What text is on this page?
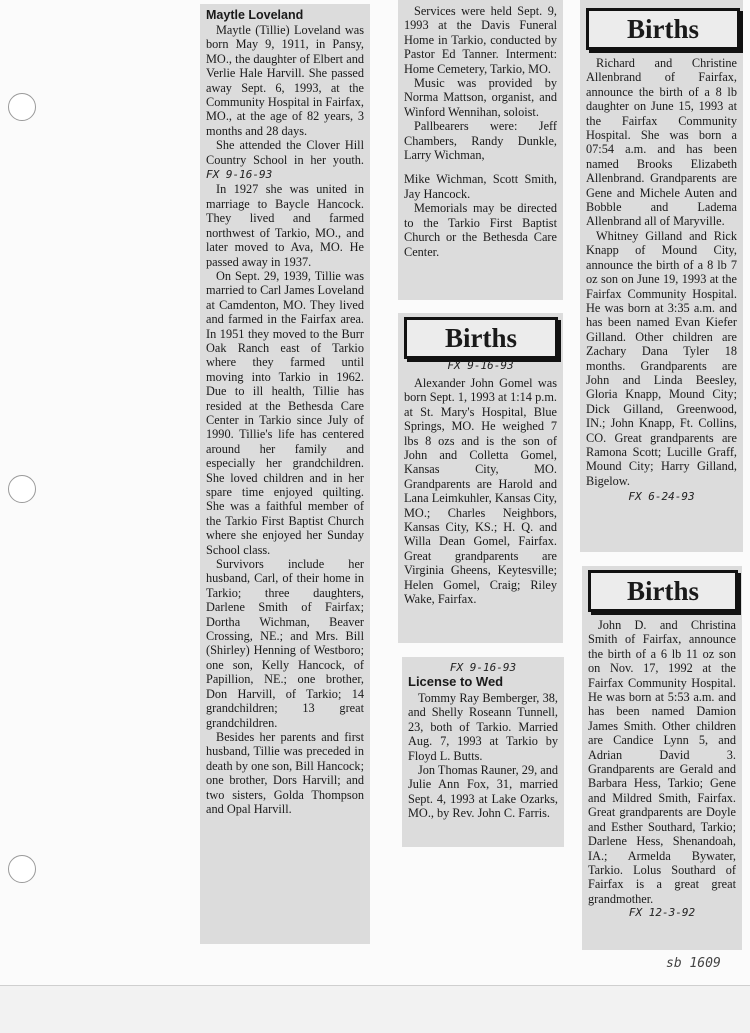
Maytle Loveland

Maytle (Tillie) Loveland was born May 9, 1911, in Pansy, MO., the daughter of Elbert and Verlie Hale Harvill. She passed away Sept. 6, 1993, at the Community Hospital in Fairfax, MO., at the age of 82 years, 3 months and 28 days.

She attended the Clover Hill Country School in her youth. FX 9-16-93

In 1927 she was united in marriage to Baycle Hancock. They lived and farmed northwest of Tarkio, MO., and later moved to Ava, MO. He passed away in 1937.

On Sept. 29, 1939, Tillie was married to Carl James Loveland at Camdenton, MO. They lived and farmed in the Fairfax area. In 1951 they moved to the Burr Oak Ranch east of Tarkio where they farmed until moving into Tarkio in 1962. Due to ill health, Tillie has resided at the Bethesda Care Center in Tarkio since July of 1990. Tillie's life has centered around her family and especially her grandchildren. She loved children and in her spare time enjoyed quilting. She was a faithful member of the Tarkio First Baptist Church where she enjoyed her Sunday School class.

Survivors include her husband, Carl, of their home in Tarkio; three daughters, Darlene Smith of Fairfax; Dortha Wichman, Beaver Crossing, NE.; and Mrs. Bill (Shirley) Henning of Westboro; one son, Kelly Hancock, of Papillion, NE.; one brother, Don Harvill, of Tarkio; 14 grandchildren; 13 great grandchildren.

Besides her parents and first husband, Tillie was preceded in death by one son, Bill Hancock; one brother, Dors Harvill; and two sisters, Golda Thompson and Opal Harvill.

Services were held Sept. 9, 1993 at the Davis Funeral Home in Tarkio, conducted by Pastor Ed Tanner. Interment: Home Cemetery, Tarkio, MO.

Music was provided by Norma Mattson, organist, and Winford Wennihan, soloist.

Pallbearers were: Jeff Chambers, Randy Dunkle, Larry Wichman,

Mike Wichman, Scott Smith, Jay Hancock.

Memorials may be directed to the Tarkio First Baptist Church or the Bethesda Care Center.

Births
FX 9-16-93

Alexander John Gomel was born Sept. 1, 1993 at 1:14 p.m. at St. Mary's Hospital, Blue Springs, MO. He weighed 7 lbs 8 ozs and is the son of John and Colletta Gomel, Kansas City, MO. Grandparents are Harold and Lana Leimkuhler, Kansas City, MO.; Charles Neighbors, Kansas City, KS.; H. Q. and Willa Dean Gomel, Fairfax. Great grandparents are Virginia Gheens, Keytesville; Helen Gomel, Craig; Riley Wake, Fairfax.

FX 9-16-93
License to Wed

Tommy Ray Bemberger, 38, and Shelly Roseann Tunnell, 23, both of Tarkio. Married Aug. 7, 1993 at Tarkio by Floyd L. Butts.

Jon Thomas Rauner, 29, and Julie Ann Fox, 31, married Sept. 4, 1993 at Lake Ozarks, MO., by Rev. John C. Farris.

Births

Richard and Christine Allenbrand of Fairfax, announce the birth of a 8 lb daughter on June 15, 1993 at the Fairfax Community Hospital. She was born a 07:54 a.m. and has been named Brooks Elizabeth Allenbrand. Grandparents are Gene and Michele Auten and Bobble and Ladema Allenbrand all of Maryville.

Whitney Gilland and Rick Knapp of Mound City, announce the birth of a 8 lb 7 oz son on June 19, 1993 at the Fairfax Community Hospital. He was born at 3:35 a.m. and has been named Evan Kiefer Gilland. Other children are Zachary Dana Tyler 18 months. Grandparents are John and Linda Beesley, Gloria Knapp, Mound City; Dick Gilland, Greenwood, IN.; John Knapp, Ft. Collins, CO. Great grandparents are Ramona Scott; Lucille Graff, Mound City; Harry Gilland, Bigelow.

FX 6-24-93
Births

John D. and Christina Smith of Fairfax, announce the birth of a 6 lb 11 oz son on Nov. 17, 1992 at the Fairfax Community Hospital. He was born at 5:53 a.m. and has been named Damion James Smith. Other children are Candice Lynn 5, and Adrian David 3. Grandparents are Gerald and Barbara Hess, Tarkio; Gene and Mildred Smith, Fairfax. Great grandparents are Doyle and Esther Southard, Tarkio; Darlene Hess, Shenandoah, IA.; Armelda Bywater, Tarkio. Lolus Southard of Fairfax is a great great grandmother.

FX 12-3-92
sb 1609
